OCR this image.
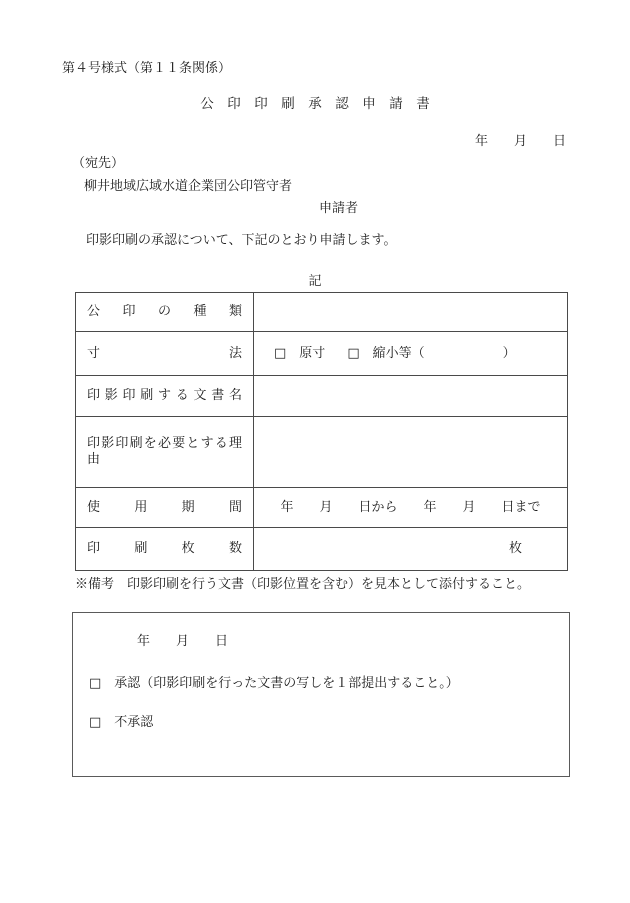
第４号様式（第１１条関係）
公　印　印　刷　承　認　申　請　書
年　　月　　日
（宛先）
柳井地域広域水道企業団公印管守者
申請者
印影印刷の承認について、下記のとおり申請します。
記
公印の種類	
寸法	□ 原寸 □ 縮小等（　　　　　　）
印影印刷する文書名	
印影印刷を必要とする理由	
使用期間	年　　月　　日から　　年　　月　　日まで
印刷枚数	枚
※備考　印影印刷を行う文書（印影位置を含む）を見本として添付すること。
年　　月　　日
□ 承認（印影印刷を行った文書の写しを１部提出すること。）
□ 不承認
